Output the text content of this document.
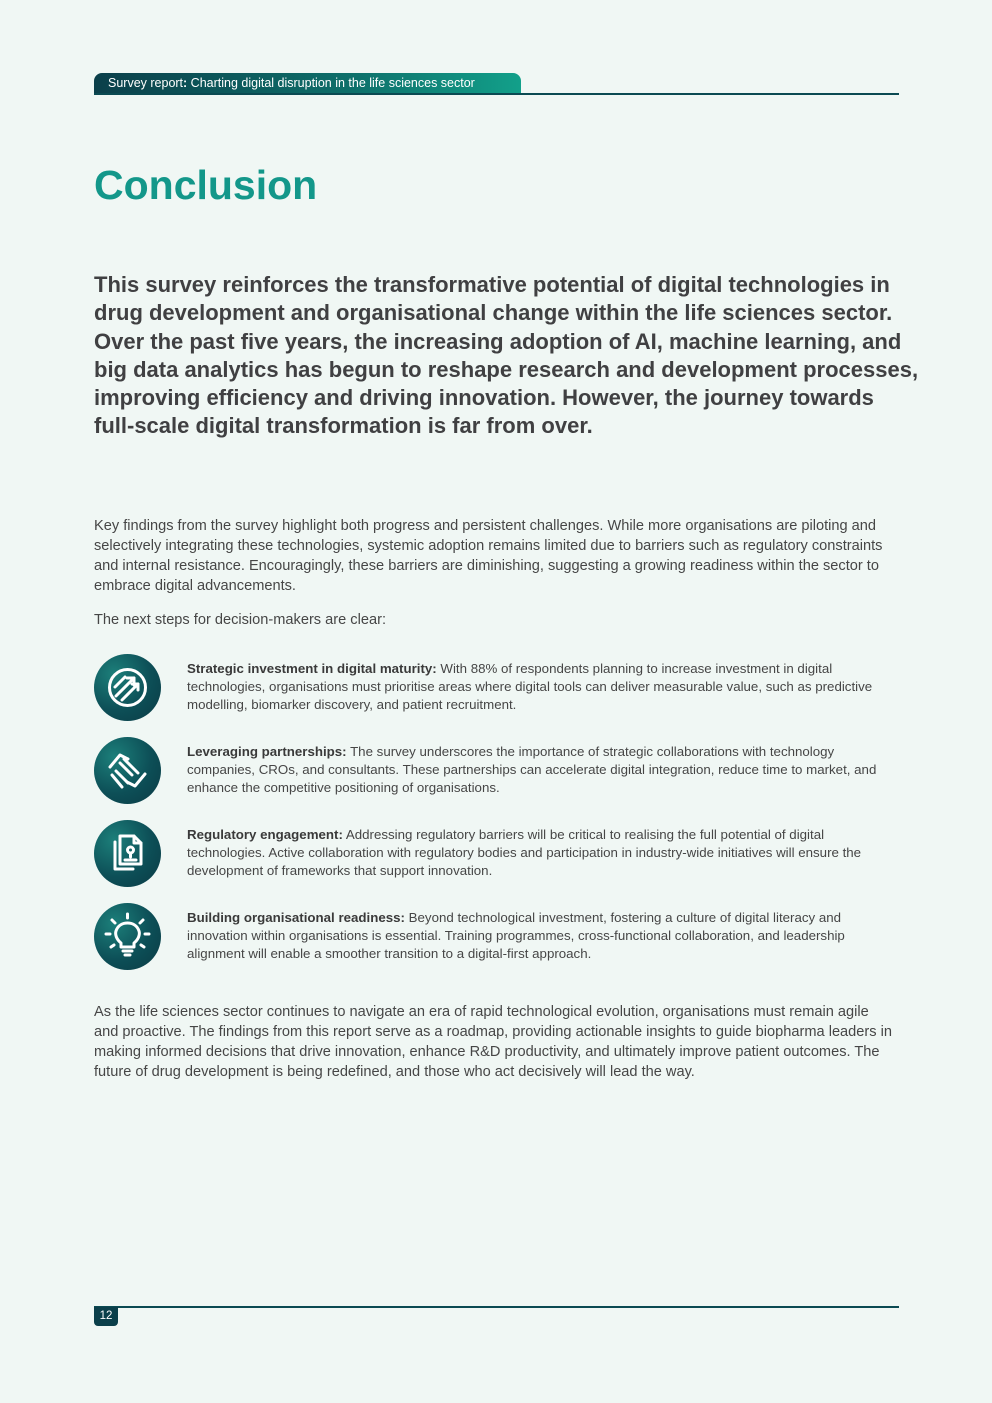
Survey report: Charting digital disruption in the life sciences sector
Conclusion

This survey reinforces the transformative potential of digital technologies in drug development and organisational change within the life sciences sector. Over the past five years, the increasing adoption of AI, machine learning, and big data analytics has begun to reshape research and development processes, improving efficiency and driving innovation. However, the journey towards full-scale digital transformation is far from over.

Key findings from the survey highlight both progress and persistent challenges. While more organisations are piloting and selectively integrating these technologies, systemic adoption remains limited due to barriers such as regulatory constraints and internal resistance. Encouragingly, these barriers are diminishing, suggesting a growing readiness within the sector to embrace digital advancements.

The next steps for decision-makers are clear:

Strategic investment in digital maturity: With 88% of respondents planning to increase investment in digital technologies, organisations must prioritise areas where digital tools can deliver measurable value, such as predictive modelling, biomarker discovery, and patient recruitment.

Leveraging partnerships: The survey underscores the importance of strategic collaborations with technology companies, CROs, and consultants. These partnerships can accelerate digital integration, reduce time to market, and enhance the competitive positioning of organisations.

Regulatory engagement: Addressing regulatory barriers will be critical to realising the full potential of digital technologies. Active collaboration with regulatory bodies and participation in industry-wide initiatives will ensure the development of frameworks that support innovation.

Building organisational readiness: Beyond technological investment, fostering a culture of digital literacy and innovation within organisations is essential. Training programmes, cross-functional collaboration, and leadership alignment will enable a smoother transition to a digital-first approach.

As the life sciences sector continues to navigate an era of rapid technological evolution, organisations must remain agile and proactive. The findings from this report serve as a roadmap, providing actionable insights to guide biopharma leaders in making informed decisions that drive innovation, enhance R&D productivity, and ultimately improve patient outcomes. The future of drug development is being redefined, and those who act decisively will lead the way.

12
